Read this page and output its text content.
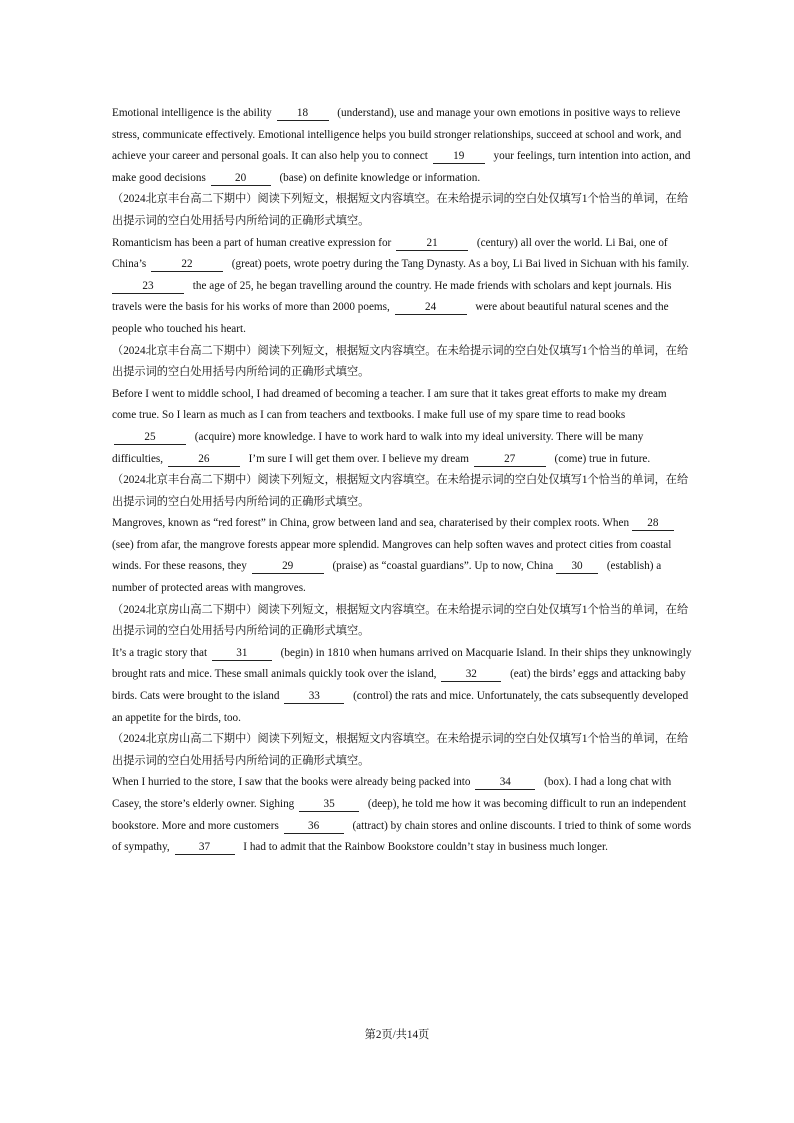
Emotional intelligence is the ability 18 (understand), use and manage your own emotions in positive ways to relieve stress, communicate effectively. Emotional intelligence helps you build stronger relationships, succeed at school and work, and achieve your career and personal goals. It can also help you to connect 19 your feelings, turn intention into action, and make good decisions 20	(base) on definite knowledge or information.

（2024北京丰台高二下期中）阅读下列短文，根据短文内容填空。在未给提示词的空白处仅填写1个恰当的单词，在给出提示词的空白处用括号内所给词的正确形式填空。

Romanticism has been a part of human creative expression for	21	(century) all over the world. Li Bai, one of China’s	22	(great) poets, wrote poetry during the Tang Dynasty. As a boy, Li Bai lived in Sichuan with his family. 23	the age of 25, he began travelling around the country. He made friends with scholars and kept journals. His travels were the basis for his works of more than 2000 poems,	24	were about beautiful natural scenes and the people who touched his heart.

（2024北京丰台高二下期中）阅读下列短文，根据短文内容填空。在未给提示词的空白处仅填写1个恰当的单词，在给出提示词的空白处用括号内所给词的正确形式填空。

Before I went to middle school, I had dreamed of becoming a teacher. I am sure that it takes great efforts to make my dream come true. So I learn as much as I can from teachers and textbooks. I make full use of my spare time to read books 25	(acquire) more knowledge. I have to work hard to walk into my ideal university. There will be many difficulties,	26	I’m sure I will get them over. I believe my dream	27	(come) true in future.

（2024北京丰台高二下期中）阅读下列短文，根据短文内容填空。在未给提示词的空白处仅填写1个恰当的单词，在给出提示词的空白处用括号内所给词的正确形式填空。

Mangroves, known as “red forest” in China, grow between land and sea, charaterised by their complex roots. When 28 (see) from afar, the mangrove forests appear more splendid. Mangroves can help soften waves and protect cities from coastal winds. For these reasons, they	29	(praise) as “coastal guardians”. Up to now, China 30 (establish) a number of protected areas with mangroves.

（2024北京房山高二下期中）阅读下列短文，根据短文内容填空。在未给提示词的空白处仅填写1个恰当的单词，在给出提示词的空白处用括号内所给词的正确形式填空。

It’s a tragic story that 31	(begin) in 1810 when humans arrived on Macquarie Island. In their ships they unknowingly brought rats and mice. These small animals quickly took over the island, 32	(eat) the birds’ eggs and attacking baby birds. Cats were brought to the island 33	(control) the rats and mice. Unfortunately, the cats subsequently developed an appetite for the birds, too.

（2024北京房山高二下期中）阅读下列短文，根据短文内容填空。在未给提示词的空白处仅填写1个恰当的单词，在给出提示词的空白处用括号内所给词的正确形式填空。

When I hurried to the store, I saw that the books were already being packed into 34	(box). I had a long chat with Casey, the store’s elderly owner. Sighing 35	(deep), he told me how it was becoming difficult to run an independent bookstore. More and more customers 36	(attract) by chain stores and online discounts. I tried to think of some words of sympathy, 37	I had to admit that the Rainbow Bookstore couldn’t stay in business much longer.

第2页/共14页
